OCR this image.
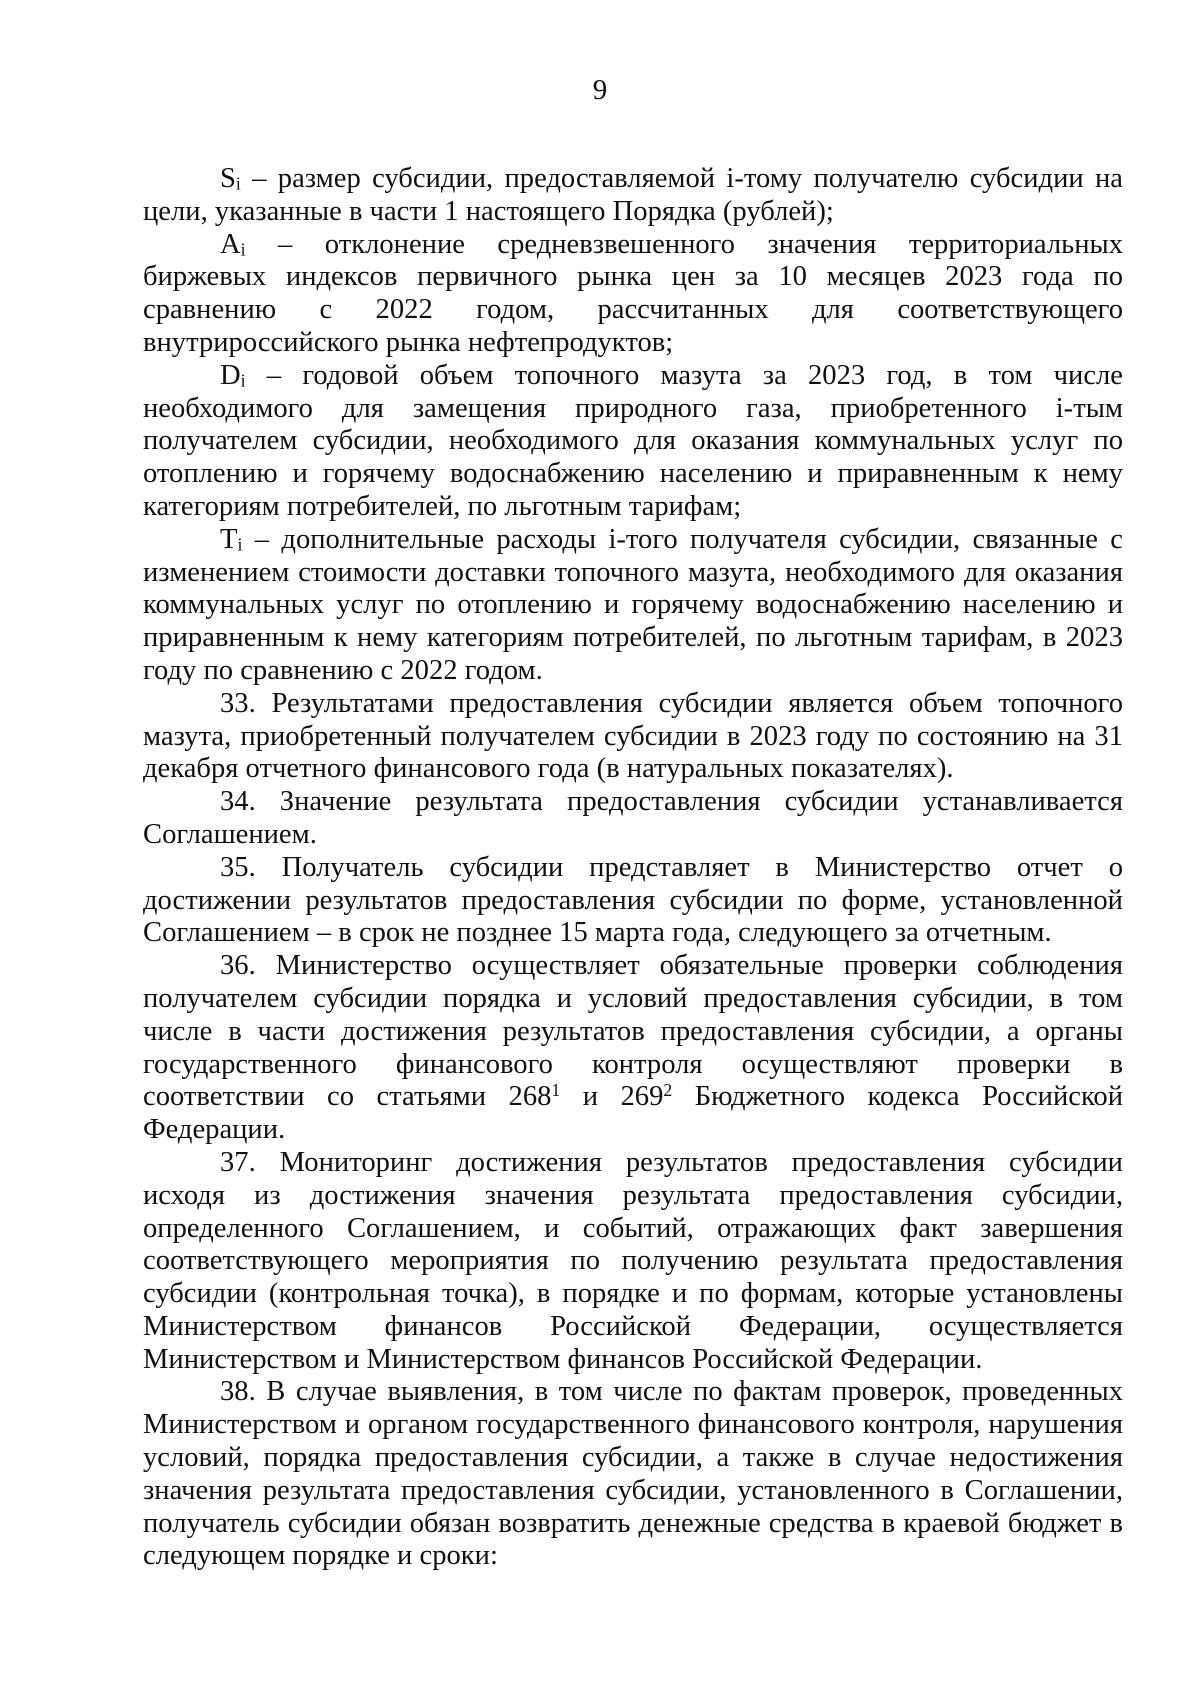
9

$S_i$ – размер субсидии, предоставляемой i-тому получателю субсидии на цели, указанные в части 1 настоящего Порядка (рублей);

$A_i$ – отклонение средневзвешенного значения территориальных биржевых индексов первичного рынка цен за 10 месяцев 2023 года по сравнению с 2022 годом, рассчитанных для соответствующего внутрироссийского рынка нефтепродуктов;

$D_i$ – годовой объем топочного мазута за 2023 год, в том числе необходимого для замещения природного газа, приобретенного i-тым получателем субсидии, необходимого для оказания коммунальных услуг по отоплению и горячему водоснабжению населению и приравненным к нему категориям потребителей, по льготным тарифам;

$T_i$ – дополнительные расходы i-того получателя субсидии, связанные с изменением стоимости доставки топочного мазута, необходимого для оказания коммунальных услуг по отоплению и горячему водоснабжению населению и приравненным к нему категориям потребителей, по льготным тарифам, в 2023 году по сравнению с 2022 годом.

33. Результатами предоставления субсидии является объем топочного мазута, приобретенный получателем субсидии в 2023 году по состоянию на 31 декабря отчетного финансового года (в натуральных показателях).

34. Значение результата предоставления субсидии устанавливается Соглашением.

35. Получатель субсидии представляет в Министерство отчет о достижении результатов предоставления субсидии по форме, установленной Соглашением – в срок не позднее 15 марта года, следующего за отчетным.

36. Министерство осуществляет обязательные проверки соблюдения получателем субсидии порядка и условий предоставления субсидии, в том числе в части достижения результатов предоставления субсидии, а органы государственного финансового контроля осуществляют проверки в соответствии со статьями $268^1$ и $269^2$ Бюджетного кодекса Российской Федерации.

37. Мониторинг достижения результатов предоставления субсидии исходя из достижения значения результата предоставления субсидии, определенного Соглашением, и событий, отражающих факт завершения соответствующего мероприятия по получению результата предоставления субсидии (контрольная точка), в порядке и по формам, которые установлены Министерством финансов Российской Федерации, осуществляется Министерством и Министерством финансов Российской Федерации.

38. В случае выявления, в том числе по фактам проверок, проведенных Министерством и органом государственного финансового контроля, нарушения условий, порядка предоставления субсидии, а также в случае недостижения значения результата предоставления субсидии, установленного в Соглашении, получатель субсидии обязан возвратить денежные средства в краевой бюджет в следующем порядке и сроки:
